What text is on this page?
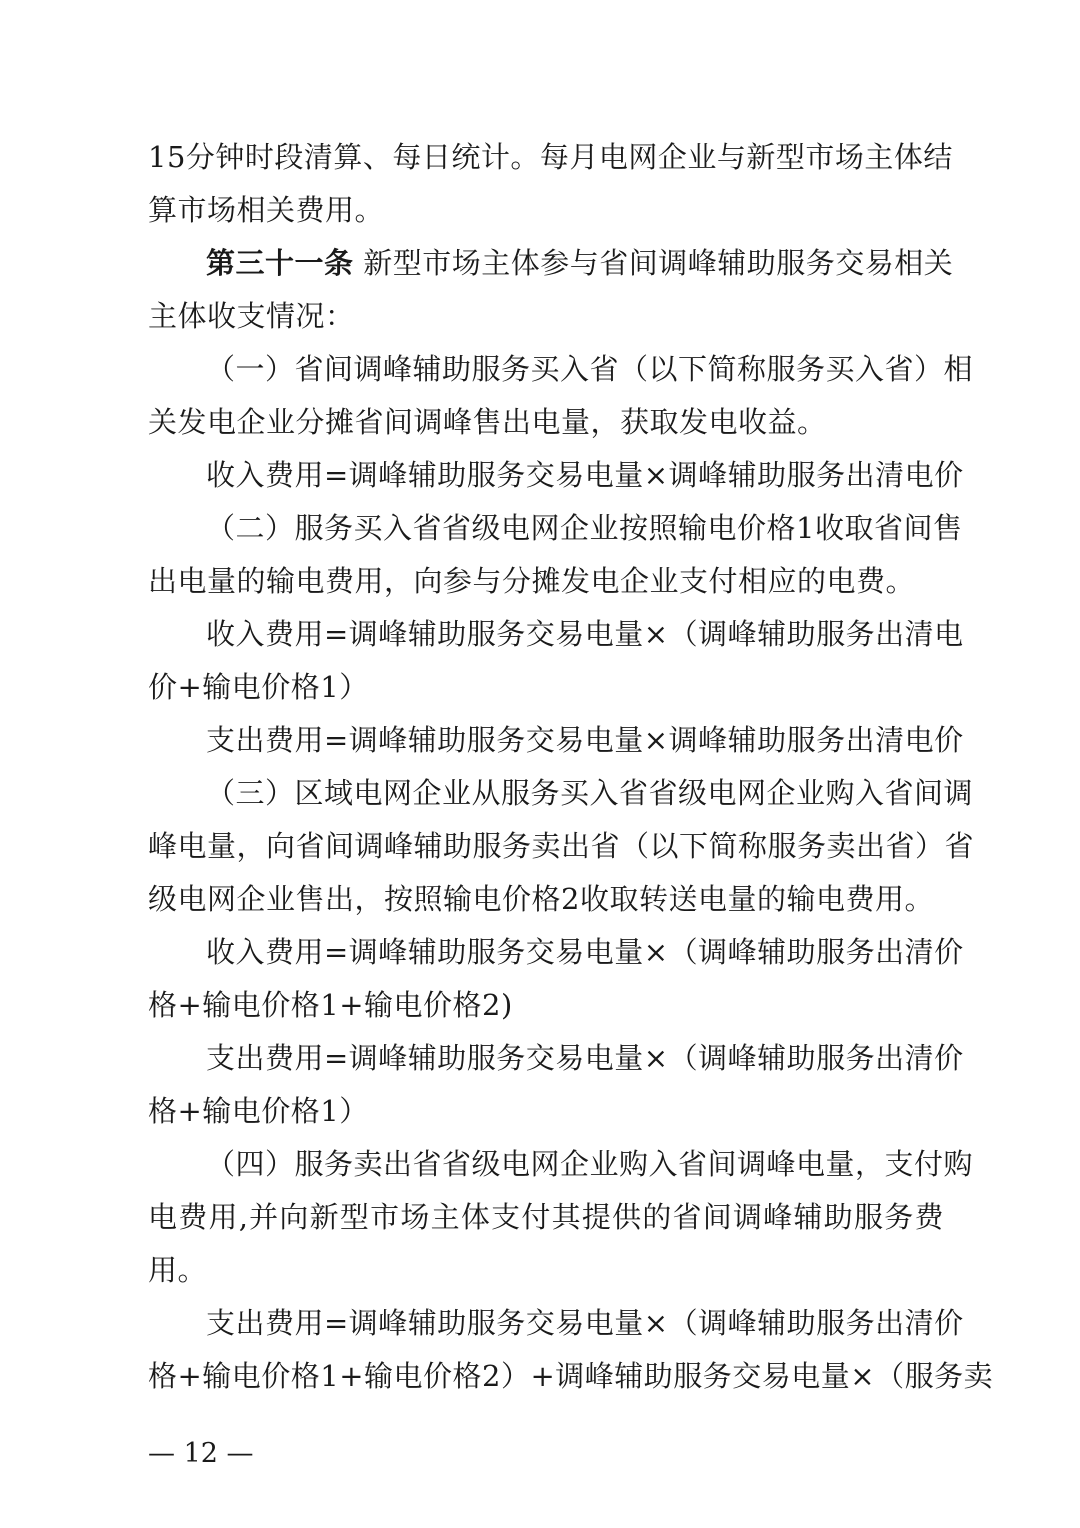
15分钟时段清算、每日统计。每月电网企业与新型市场主体结
算市场相关费用。
第三十一条 新型市场主体参与省间调峰辅助服务交易相关
主体收支情况：
（一）省间调峰辅助服务买入省（以下简称服务买入省）相
关发电企业分摊省间调峰售出电量，获取发电收益。
收入费用=调峰辅助服务交易电量×调峰辅助服务出清电价
（二）服务买入省省级电网企业按照输电价格1收取省间售
出电量的输电费用，向参与分摊发电企业支付相应的电费。
收入费用=调峰辅助服务交易电量×（调峰辅助服务出清电
价+输电价格1）
支出费用=调峰辅助服务交易电量×调峰辅助服务出清电价
（三）区域电网企业从服务买入省省级电网企业购入省间调
峰电量，向省间调峰辅助服务卖出省（以下简称服务卖出省）省
级电网企业售出，按照输电价格2收取转送电量的输电费用。
收入费用=调峰辅助服务交易电量×（调峰辅助服务出清价
格+输电价格1+输电价格2)
支出费用=调峰辅助服务交易电量×（调峰辅助服务出清价
格+输电价格1）
（四）服务卖出省省级电网企业购入省间调峰电量，支付购
电费用,并向新型市场主体支付其提供的省间调峰辅助服务费
用。
支出费用=调峰辅助服务交易电量×（调峰辅助服务出清价
格+输电价格1+输电价格2）+调峰辅助服务交易电量×（服务卖
— 12 —
